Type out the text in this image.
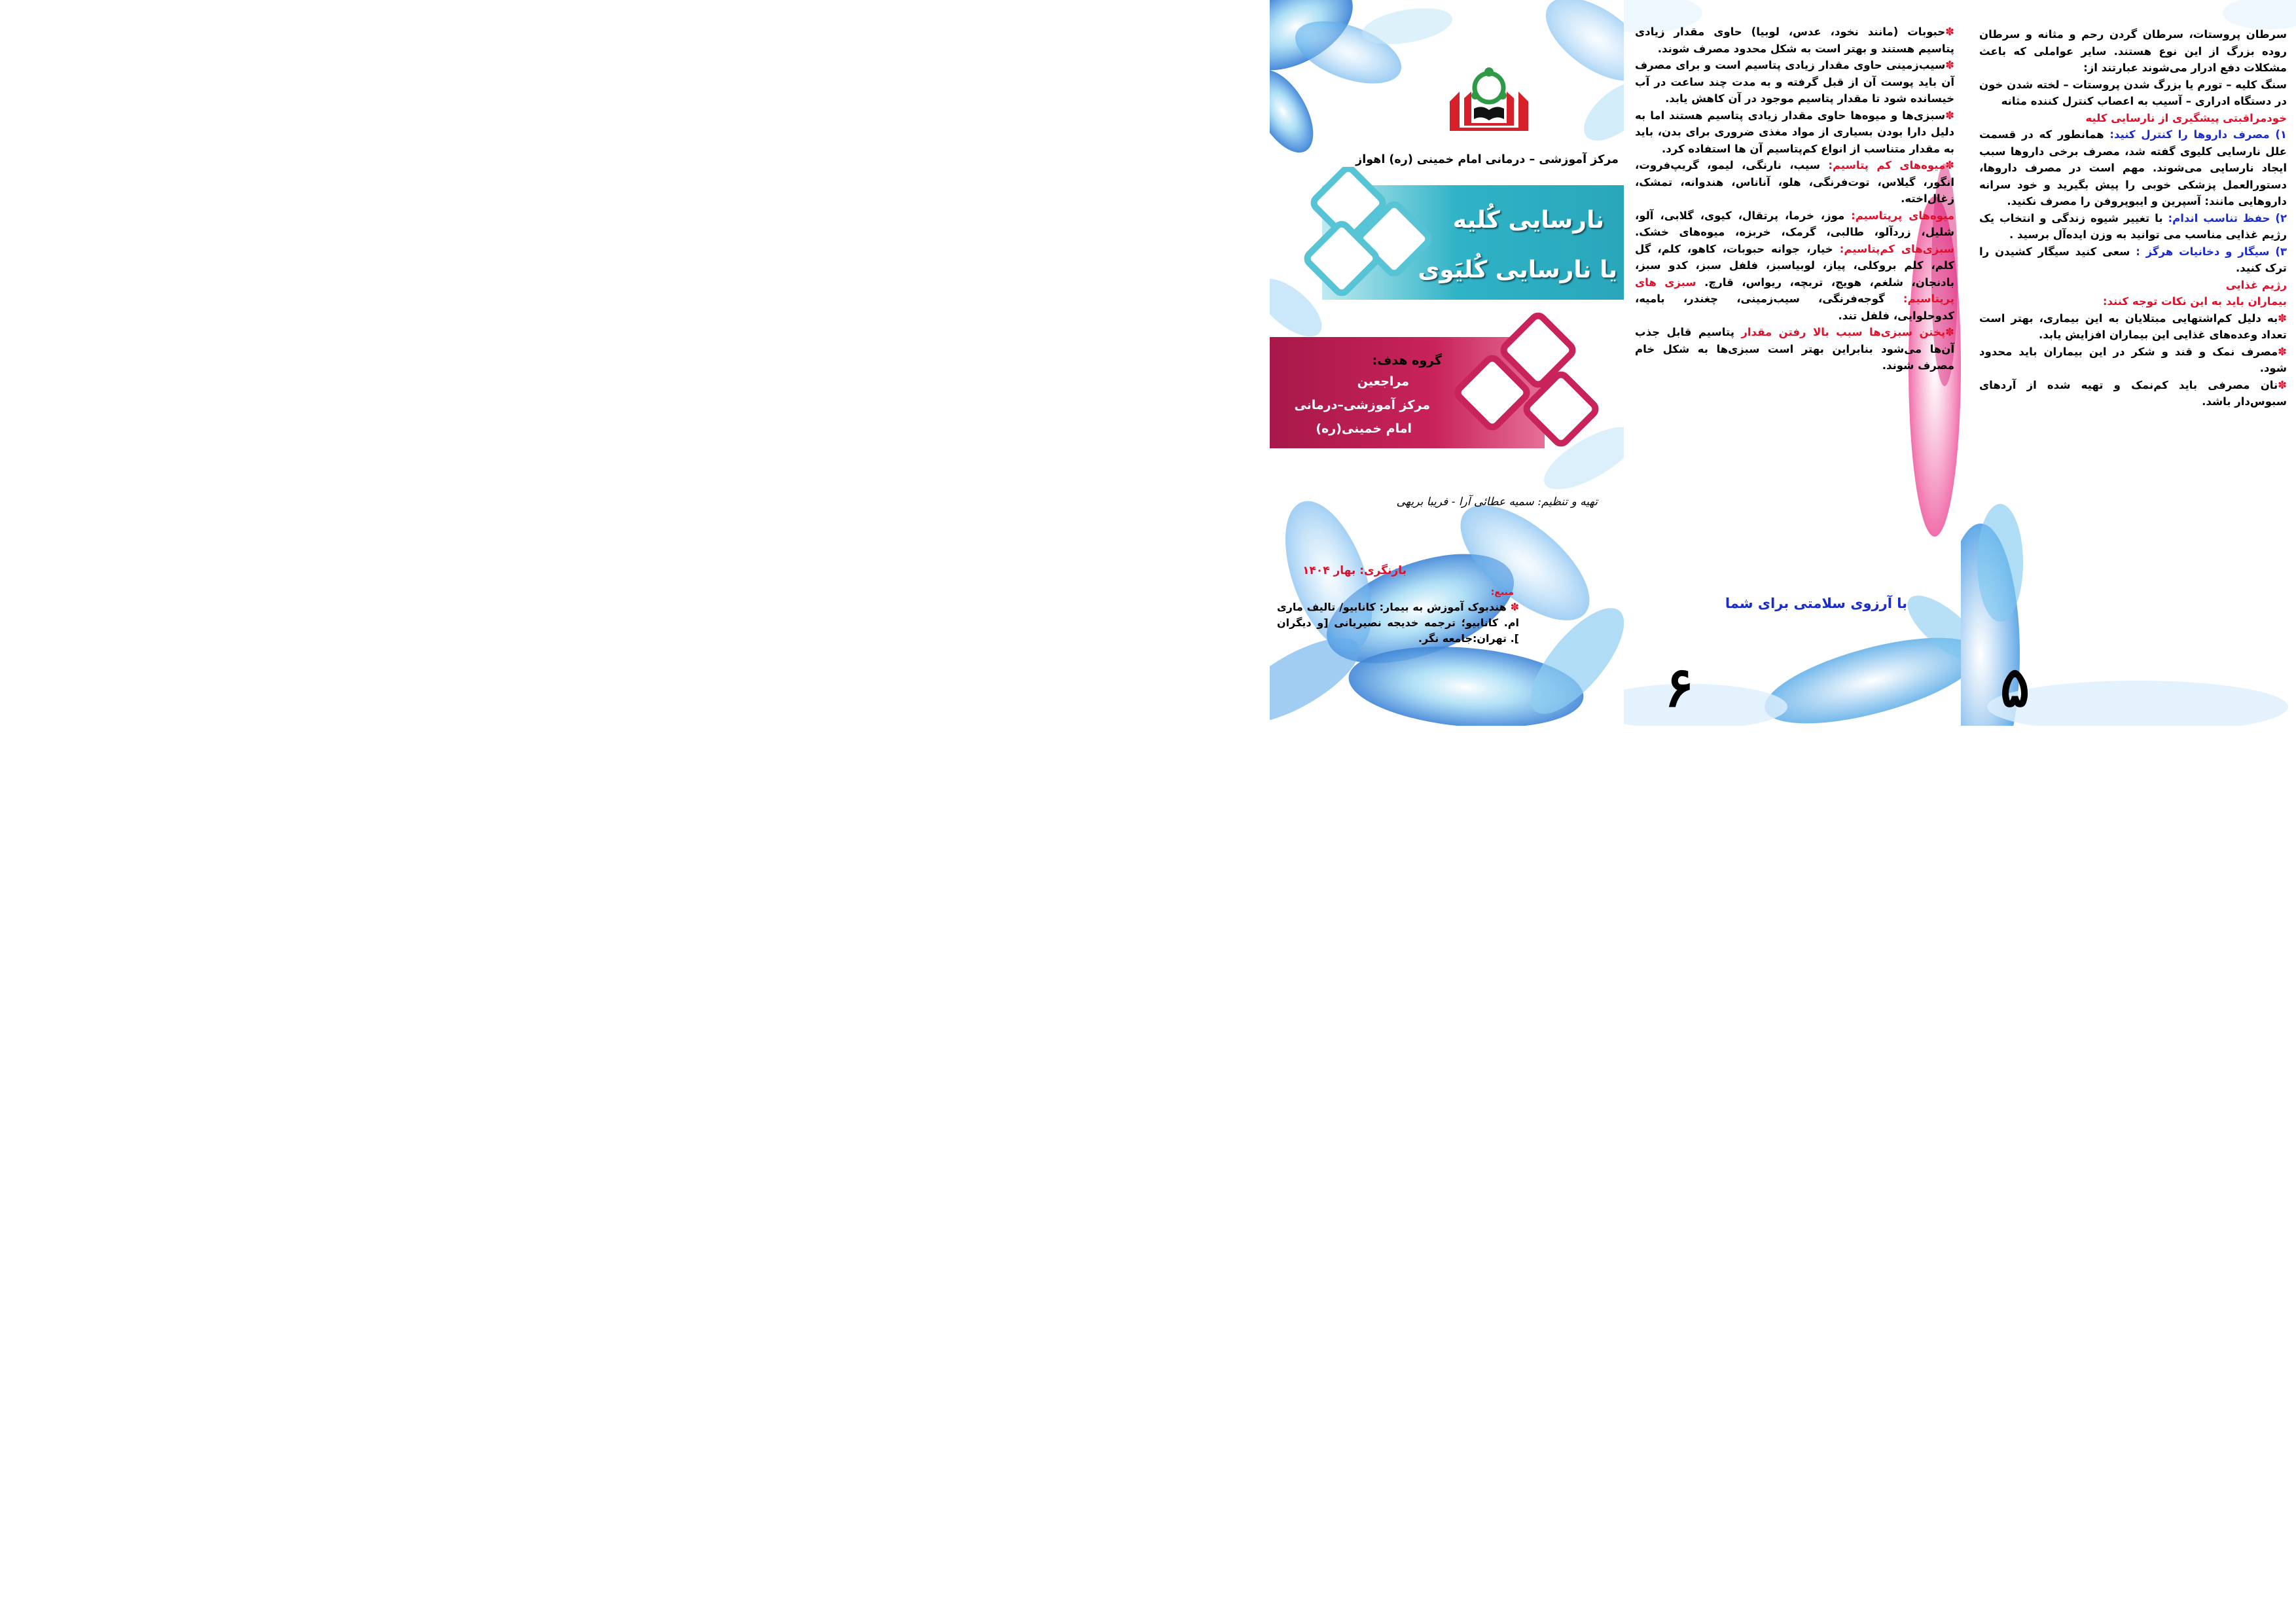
مرکز آموزشی – درمانی امام خمینی (ره) اهواز
نارسایی کُلیه
یا نارسایی کُلیَوی
گروه هدف:
مراجعین
مرکز آموزشی–درمانی
امام خمینی(ره)
تهیه و تنظیم: سمیه عطائی آرا - فریبا بریهی
بازنگری: بهار ۱۴۰۴
منبع:
✽ هندبوک آموزش به بیمار: کانابیو/ تالیف ماری ام. کانابیو؛ ترجمه خدیجه نصیریانی [و دیگران ]. تهران:جامعه نگر.

✽حبوبات (مانند نخود، عدس، لوبیا) حاوی مقدار زیادی پتاسیم هستند و بهتر است به شکل محدود مصرف شوند.

✽سیب‌زمینی حاوی مقدار زیادی پتاسیم است و برای مصرف آن باید پوست آن از قبل گرفته و به مدت چند ساعت در آب خیسانده شود تا مقدار پتاسیم موجود در آن کاهش یابد.

✽سبزی‌ها و میوه‌ها حاوی مقدار زیادی پتاسیم هستند اما به دلیل دارا بودن بسیاری از مواد مغذی ضروری برای بدن، باید به مقدار متناسب از انواع کم‌پتاسیم آن ها استفاده کرد.

✽میوه‌های کم پتاسیم: سیب، نارنگی، لیمو، گریپ‌فروت، انگور، گیلاس، توت‌فرنگی، هلو، آناناس، هندوانه، تمشک، زغال‌اخته.

میوه‌های پرپتاسیم: موز، خرما، پرتقال، کیوی، گلابی، آلو، شلیل، زردآلو، طالبی، گرمک، خربزه، میوه‌های خشک. سبزی‌های کم‌پتاسیم: خیار، جوانه حبوبات، کاهو، کلم، گل کلم، کلم بروکلی، پیاز، لوبیاسبز، فلفل سبز، کدو سبز، بادنجان، شلغم، هویج، تربچه، ریواس، قارچ. سبزی های پرپتاسیم: گوجه‌فرنگی، سیب‌زمینی، چغندر، بامیه، کدوحلوایی، فلفل تند.

✽پختن سبزی‌ها سبب بالا رفتن مقدار پتاسیم قابل جذب آن‌ها می‌شود بنابراین بهتر است سبزی‌ها به شکل خام مصرف شوند.

با آرزوی سلامتی برای شما
۶

سرطان پروستات، سرطان گردن رحم و مثانه و سرطان روده بزرگ از این نوع هستند. سایر عواملی که باعث مشکلات دفع ادرار می‌شوند عبارتند از:

سنگ کلیه – تورم یا بزرگ شدن پروستات – لخته شدن خون در دستگاه ادراری – آسیب به اعصاب کنترل کننده مثانه

خودمراقبتی پیشگیری از نارسایی کلیه

۱) مصرف داروها را کنترل کنید: همانطور که در قسمت علل نارسایی کلیوی گفته شد، مصرف برخی داروها سبب ایجاد نارسایی می‌شوند. مهم است در مصرف داروها، دستورالعمل پزشکی خوبی را پیش بگیرید و خود سرانه داروهایی مانند: آسپرین و ایبوپروفن را مصرف نکنید.

۲) حفظ تناسب اندام: با تغییر شیوه زندگی و انتخاب یک رژیم غذایی مناسب می توانید به وزن ایده‌آل برسید .

۳) سیگار و دخانیات هرگز : سعی کنید سیگار کشیدن را ترک کنید.

رژیم غذایی

بیماران باید به این نکات توجه کنند:

✽به دلیل کم‌اشتهایی مبتلایان به این بیماری، بهتر است تعداد وعده‌های غذایی این بیماران افزایش یابد.

✽مصرف نمک و قند و شکر در این بیماران باید محدود شود.

✽نان مصرفی باید کم‌نمک و تهیه شده از آردهای سبوس‌دار باشد.

۵
